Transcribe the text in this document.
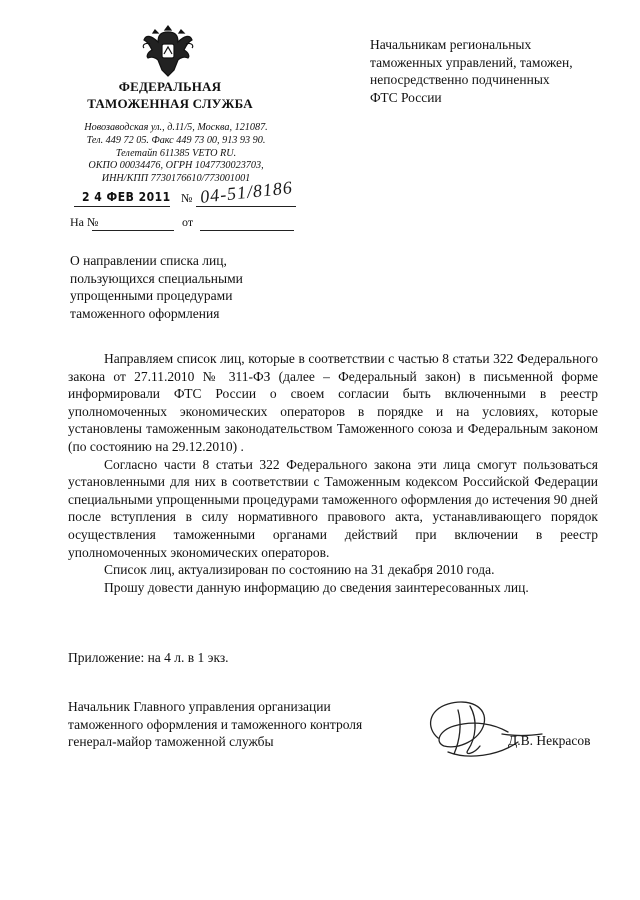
ФЕДЕРАЛЬНАЯ
ТАМОЖЕННАЯ СЛУЖБА
Новозаводская ул., д.11/5, Москва, 121087.
Тел. 449 72 05. Факс 449 73 00, 913 93 90.
Телетайп 611385 VETO RU.
ОКПО 00034476, ОГРН 1047730023703,
ИНН/КПП 7730176610/773001001
Начальникам региональных
таможенных управлений, таможен,
непосредственно подчиненных
ФТС России
2 4 ФЕВ 2011 № 04-51/8186
На №	от
О направлении списка лиц,
пользующихся специальными
упрощенными процедурами
таможенного оформления

Направляем список лиц, которые в соответствии с частью 8 статьи 322 Федерального закона от 27.11.2010 № 311-ФЗ (далее – Федеральный закон) в письменной форме информировали ФТС России о своем согласии быть включенными в реестр уполномоченных экономических операторов в порядке и на условиях, которые установлены таможенным законодательством Таможенного союза и Федеральным законом (по состоянию на 29.12.2010) .

Согласно части 8 статьи 322 Федерального закона эти лица смогут пользоваться установленными для них в соответствии с Таможенным кодексом Российской Федерации специальными упрощенными процедурами таможенного оформления до истечения 90 дней после вступления в силу нормативного правового акта, устанавливающего порядок осуществления таможенными органами действий при включении в реестр уполномоченных экономических операторов.

Список лиц, актуализирован по состоянию на 31 декабря 2010 года.

Прошу довести данную информацию до сведения заинтересованных лиц.

Приложение: на 4 л. в 1 экз.
Начальник Главного управления организации
таможенного оформления и таможенного контроля
генерал-майор таможенной службы	Д.В. Некрасов
